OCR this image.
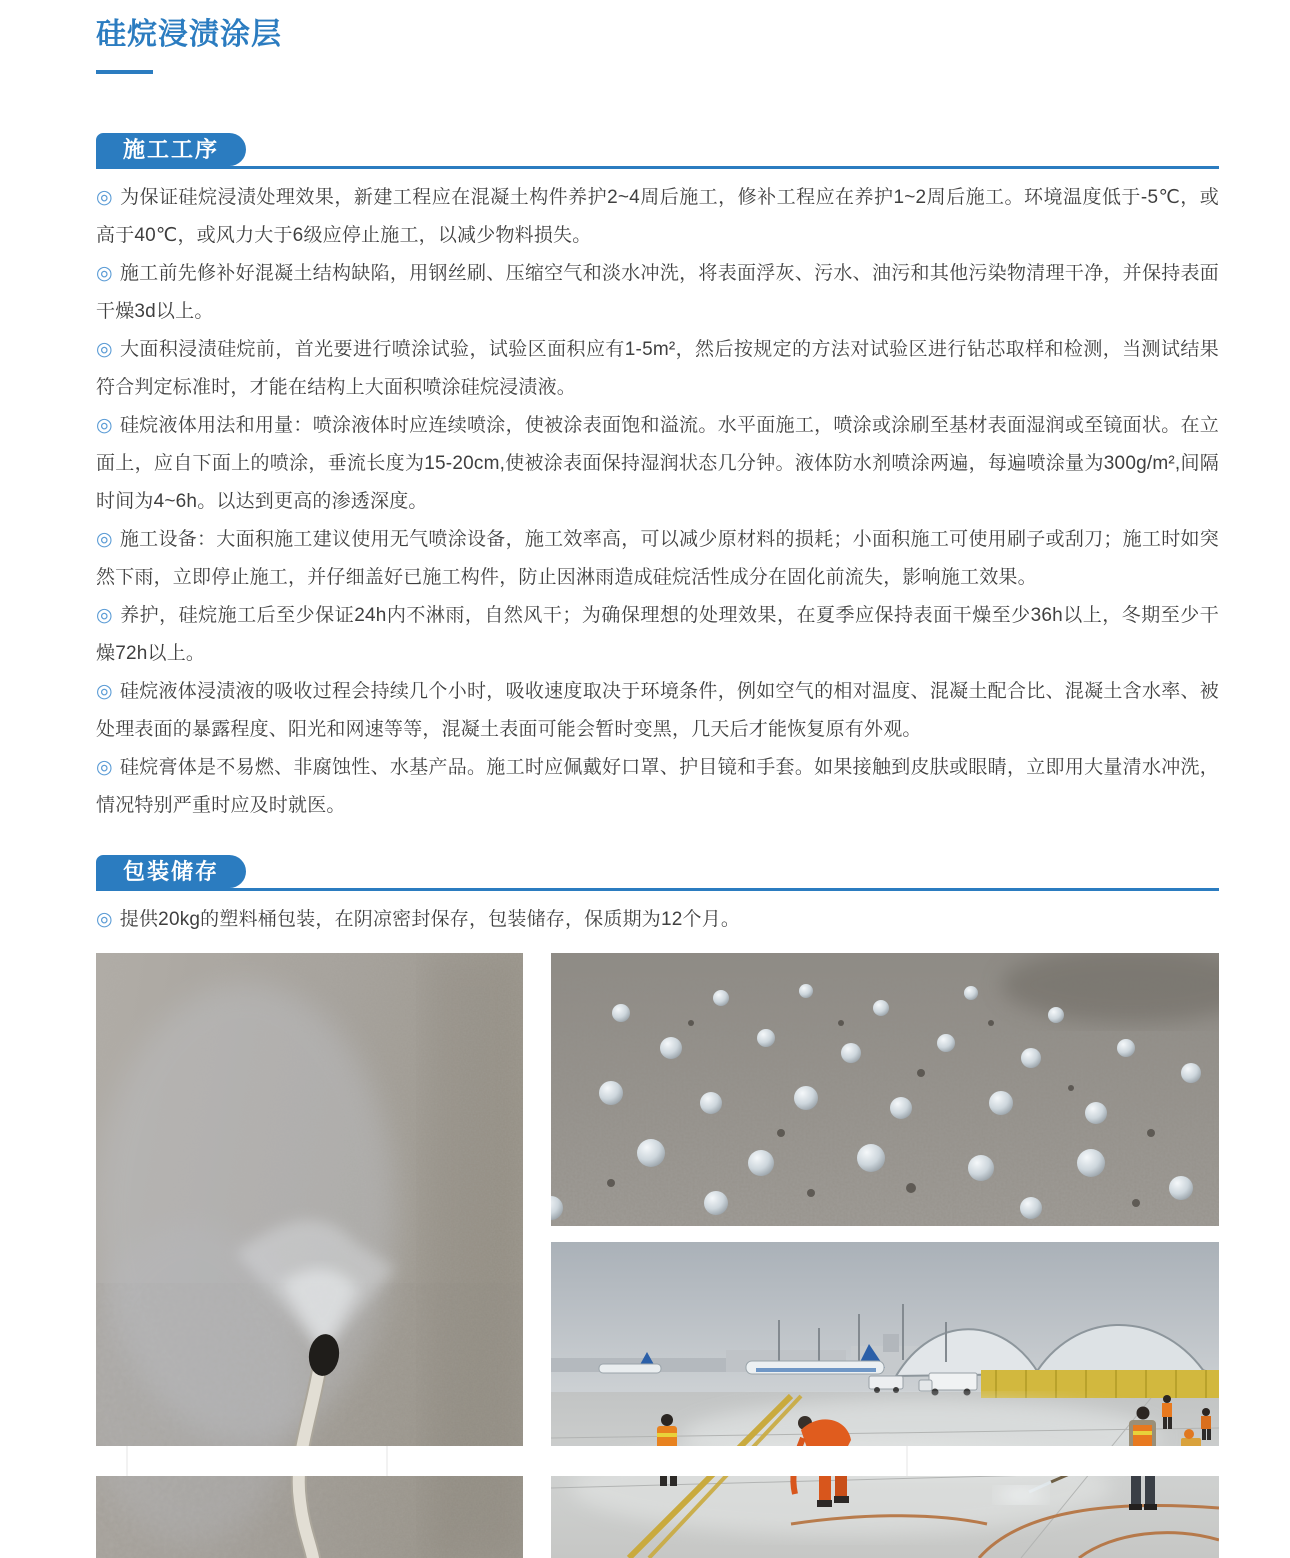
硅烷浸渍涂层
施工工序

◎ 为保证硅烷浸渍处理效果，新建工程应在混凝土构件养护2~4周后施工，修补工程应在养护1~2周后施工。环境温度低于-5℃，或高于40℃，或风力大于6级应停止施工，以减少物料损失。

◎ 施工前先修补好混凝土结构缺陷，用钢丝刷、压缩空气和淡水冲洗，将表面浮灰、污水、油污和其他污染物清理干净，并保持表面干燥3d以上。

◎ 大面积浸渍硅烷前，首光要进行喷涂试验，试验区面积应有1-5m²，然后按规定的方法对试验区进行钻芯取样和检测，当测试结果符合判定标准时，才能在结构上大面积喷涂硅烷浸渍液。

◎ 硅烷液体用法和用量：喷涂液体时应连续喷涂，使被涂表面饱和溢流。水平面施工，喷涂或涂刷至基材表面湿润或至镜面状。在立面上，应自下面上的喷涂，垂流长度为15-20cm,使被涂表面保持湿润状态几分钟。液体防水剂喷涂两遍，每遍喷涂量为300g/m²,间隔时间为4~6h。以达到更高的渗透深度。

◎ 施工设备：大面积施工建议使用无气喷涂设备，施工效率高，可以减少原材料的损耗；小面积施工可使用刷子或刮刀；施工时如突然下雨，立即停止施工，并仔细盖好已施工构件，防止因淋雨造成硅烷活性成分在固化前流失，影响施工效果。

◎ 养护，硅烷施工后至少保证24h内不淋雨，自然风干；为确保理想的处理效果，在夏季应保持表面干燥至少36h以上，冬期至少干燥72h以上。

◎ 硅烷液体浸渍液的吸收过程会持续几个小时，吸收速度取决于环境条件，例如空气的相对温度、混凝土配合比、混凝土含水率、被处理表面的暴露程度、阳光和网速等等，混凝土表面可能会暂时变黑，几天后才能恢复原有外观。

◎ 硅烷膏体是不易燃、非腐蚀性、水基产品。施工时应佩戴好口罩、护目镜和手套。如果接触到皮肤或眼睛，立即用大量清水冲洗，情况特别严重时应及时就医。

包装储存

◎ 提供20kg的塑料桶包装，在阴凉密封保存，包装储存，保质期为12个月。
